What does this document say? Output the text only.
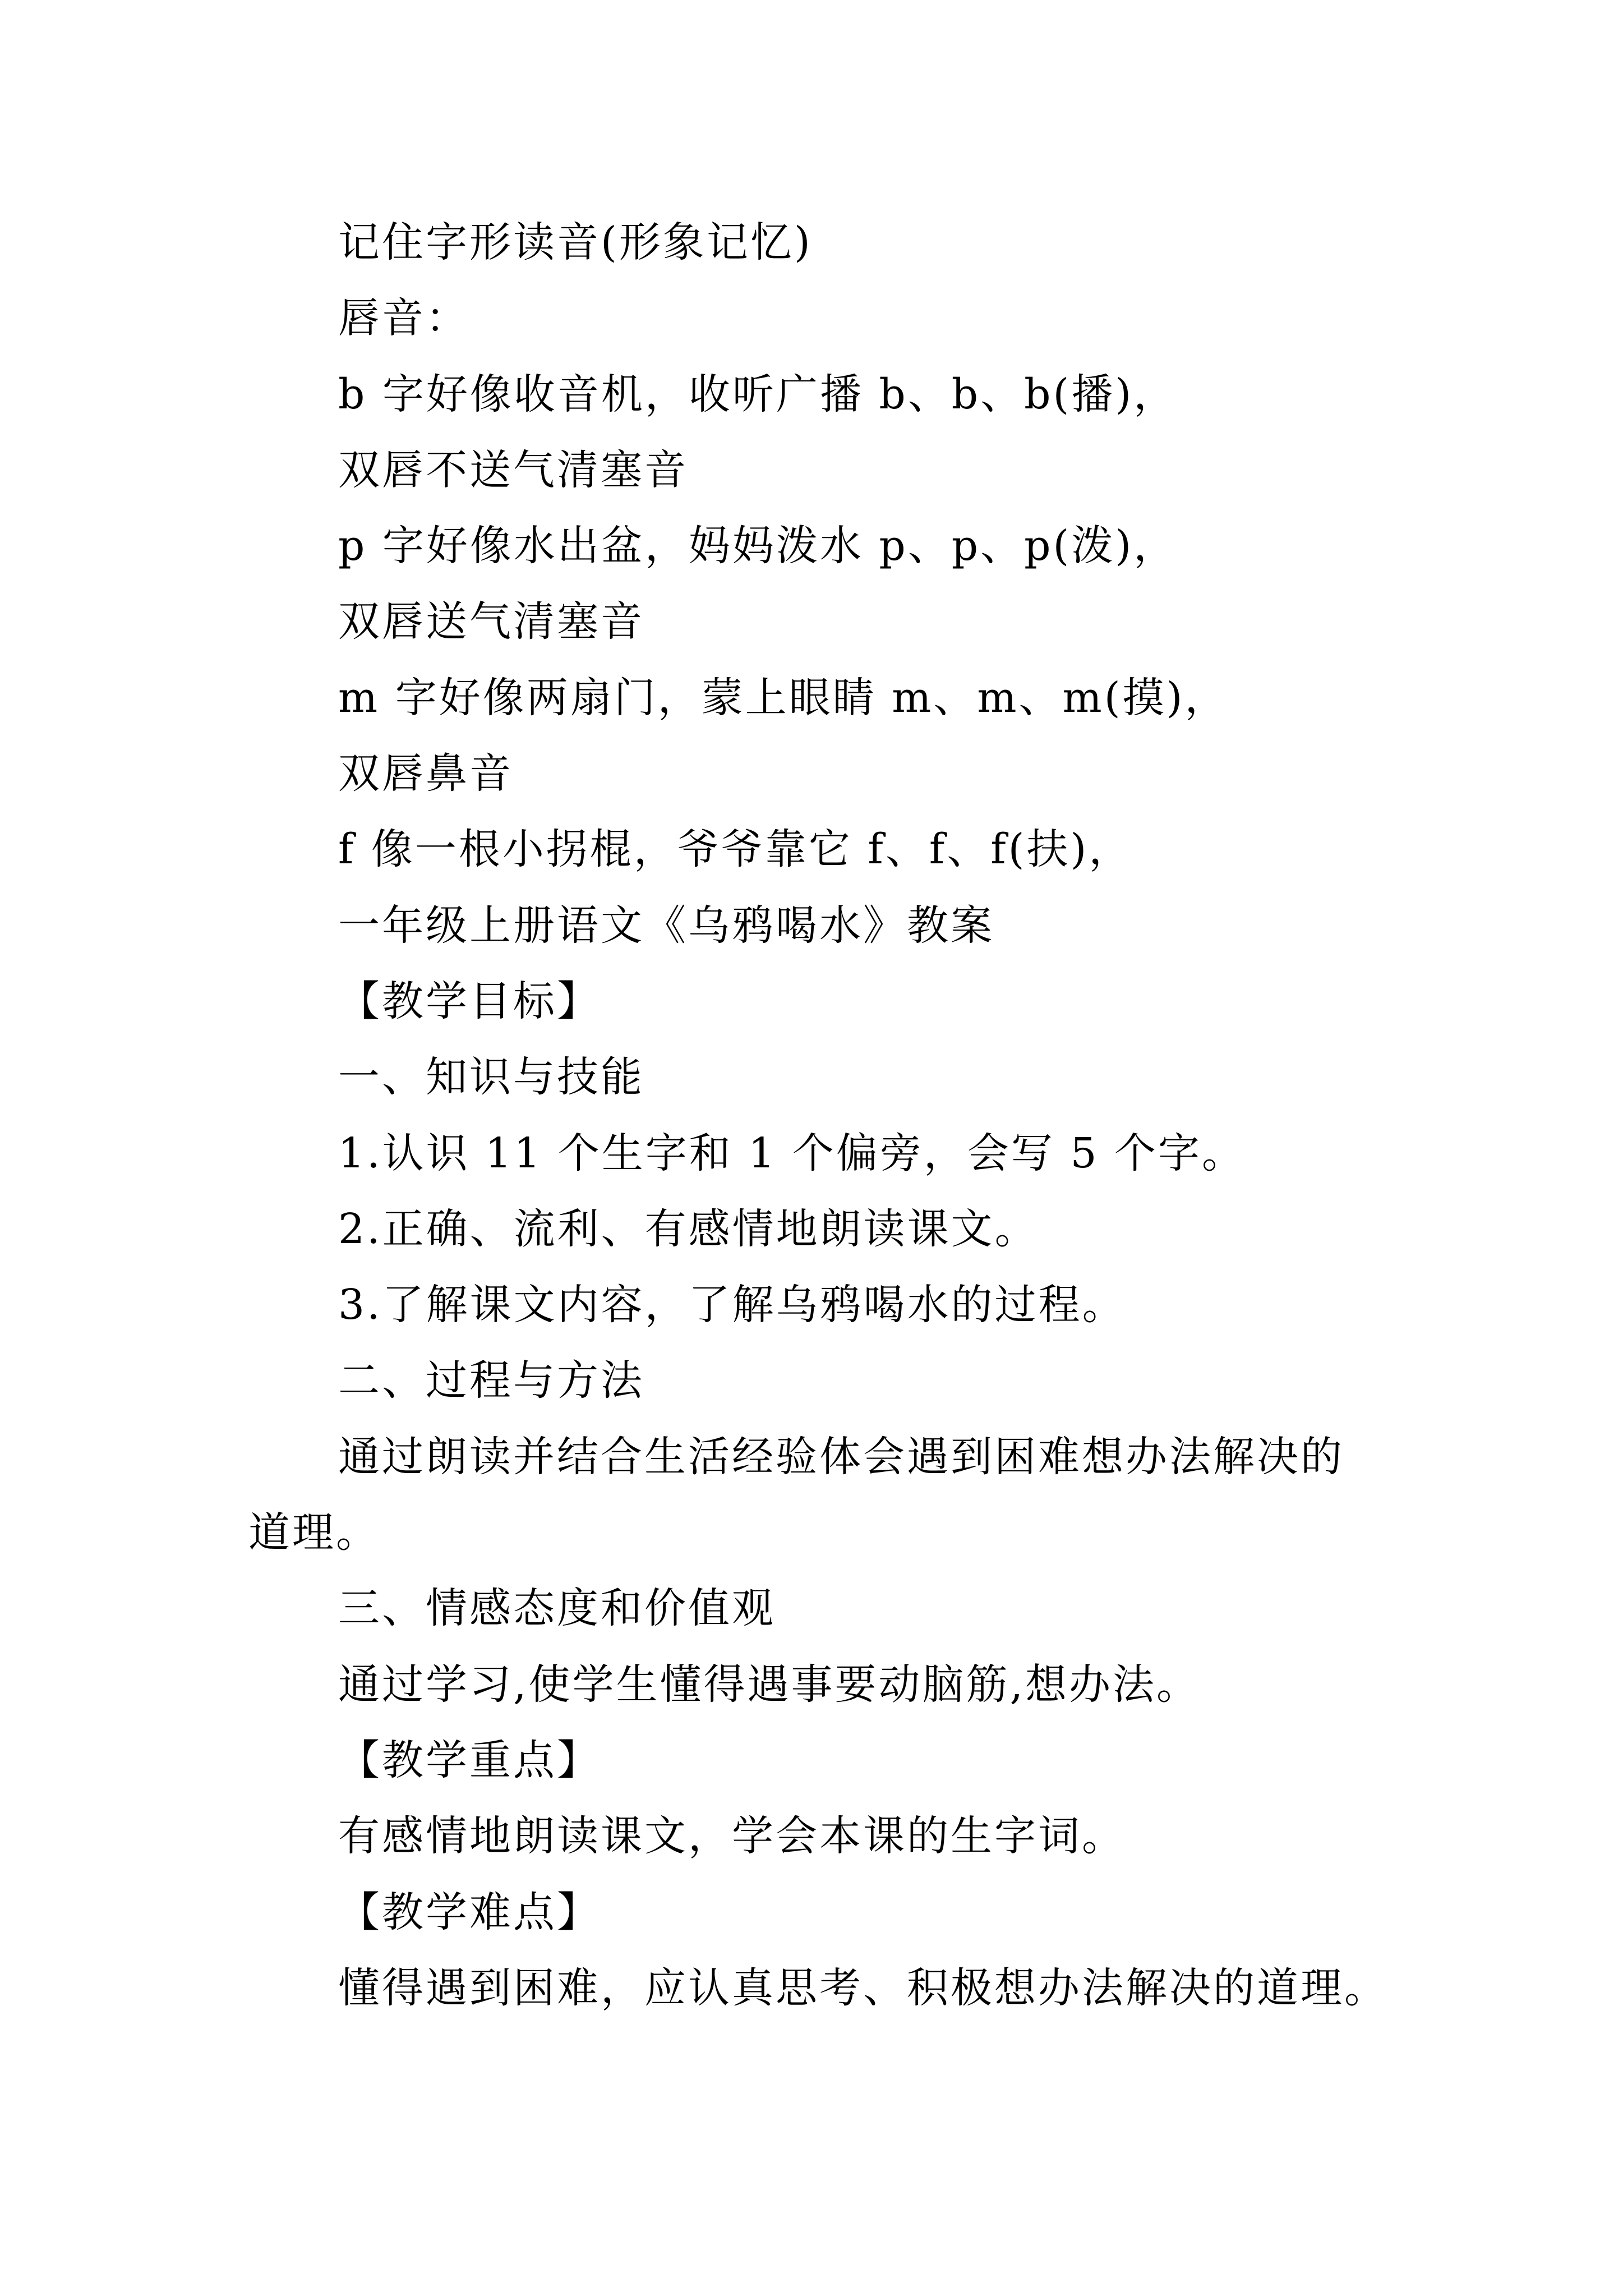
记住字形读音(形象记忆)
唇音：
b 字好像收音机，收听广播 b、b、b(播)，
双唇不送气清塞音
p 字好像水出盆，妈妈泼水 p、p、p(泼)，
双唇送气清塞音
m 字好像两扇门，蒙上眼睛 m、m、m(摸)，
双唇鼻音
f 像一根小拐棍，爷爷靠它 f、f、f(扶)，
一年级上册语文《乌鸦喝水》教案
【教学目标】
一、知识与技能
1.认识 11 个生字和 1 个偏旁，会写 5 个字。
2.正确、流利、有感情地朗读课文。
3.了解课文内容，了解乌鸦喝水的过程。
二、过程与方法
通过朗读并结合生活经验体会遇到困难想办法解决的
道理。
三、情感态度和价值观
通过学习,使学生懂得遇事要动脑筋,想办法。
【教学重点】
有感情地朗读课文，学会本课的生字词。
【教学难点】
懂得遇到困难，应认真思考、积极想办法解决的道理。
